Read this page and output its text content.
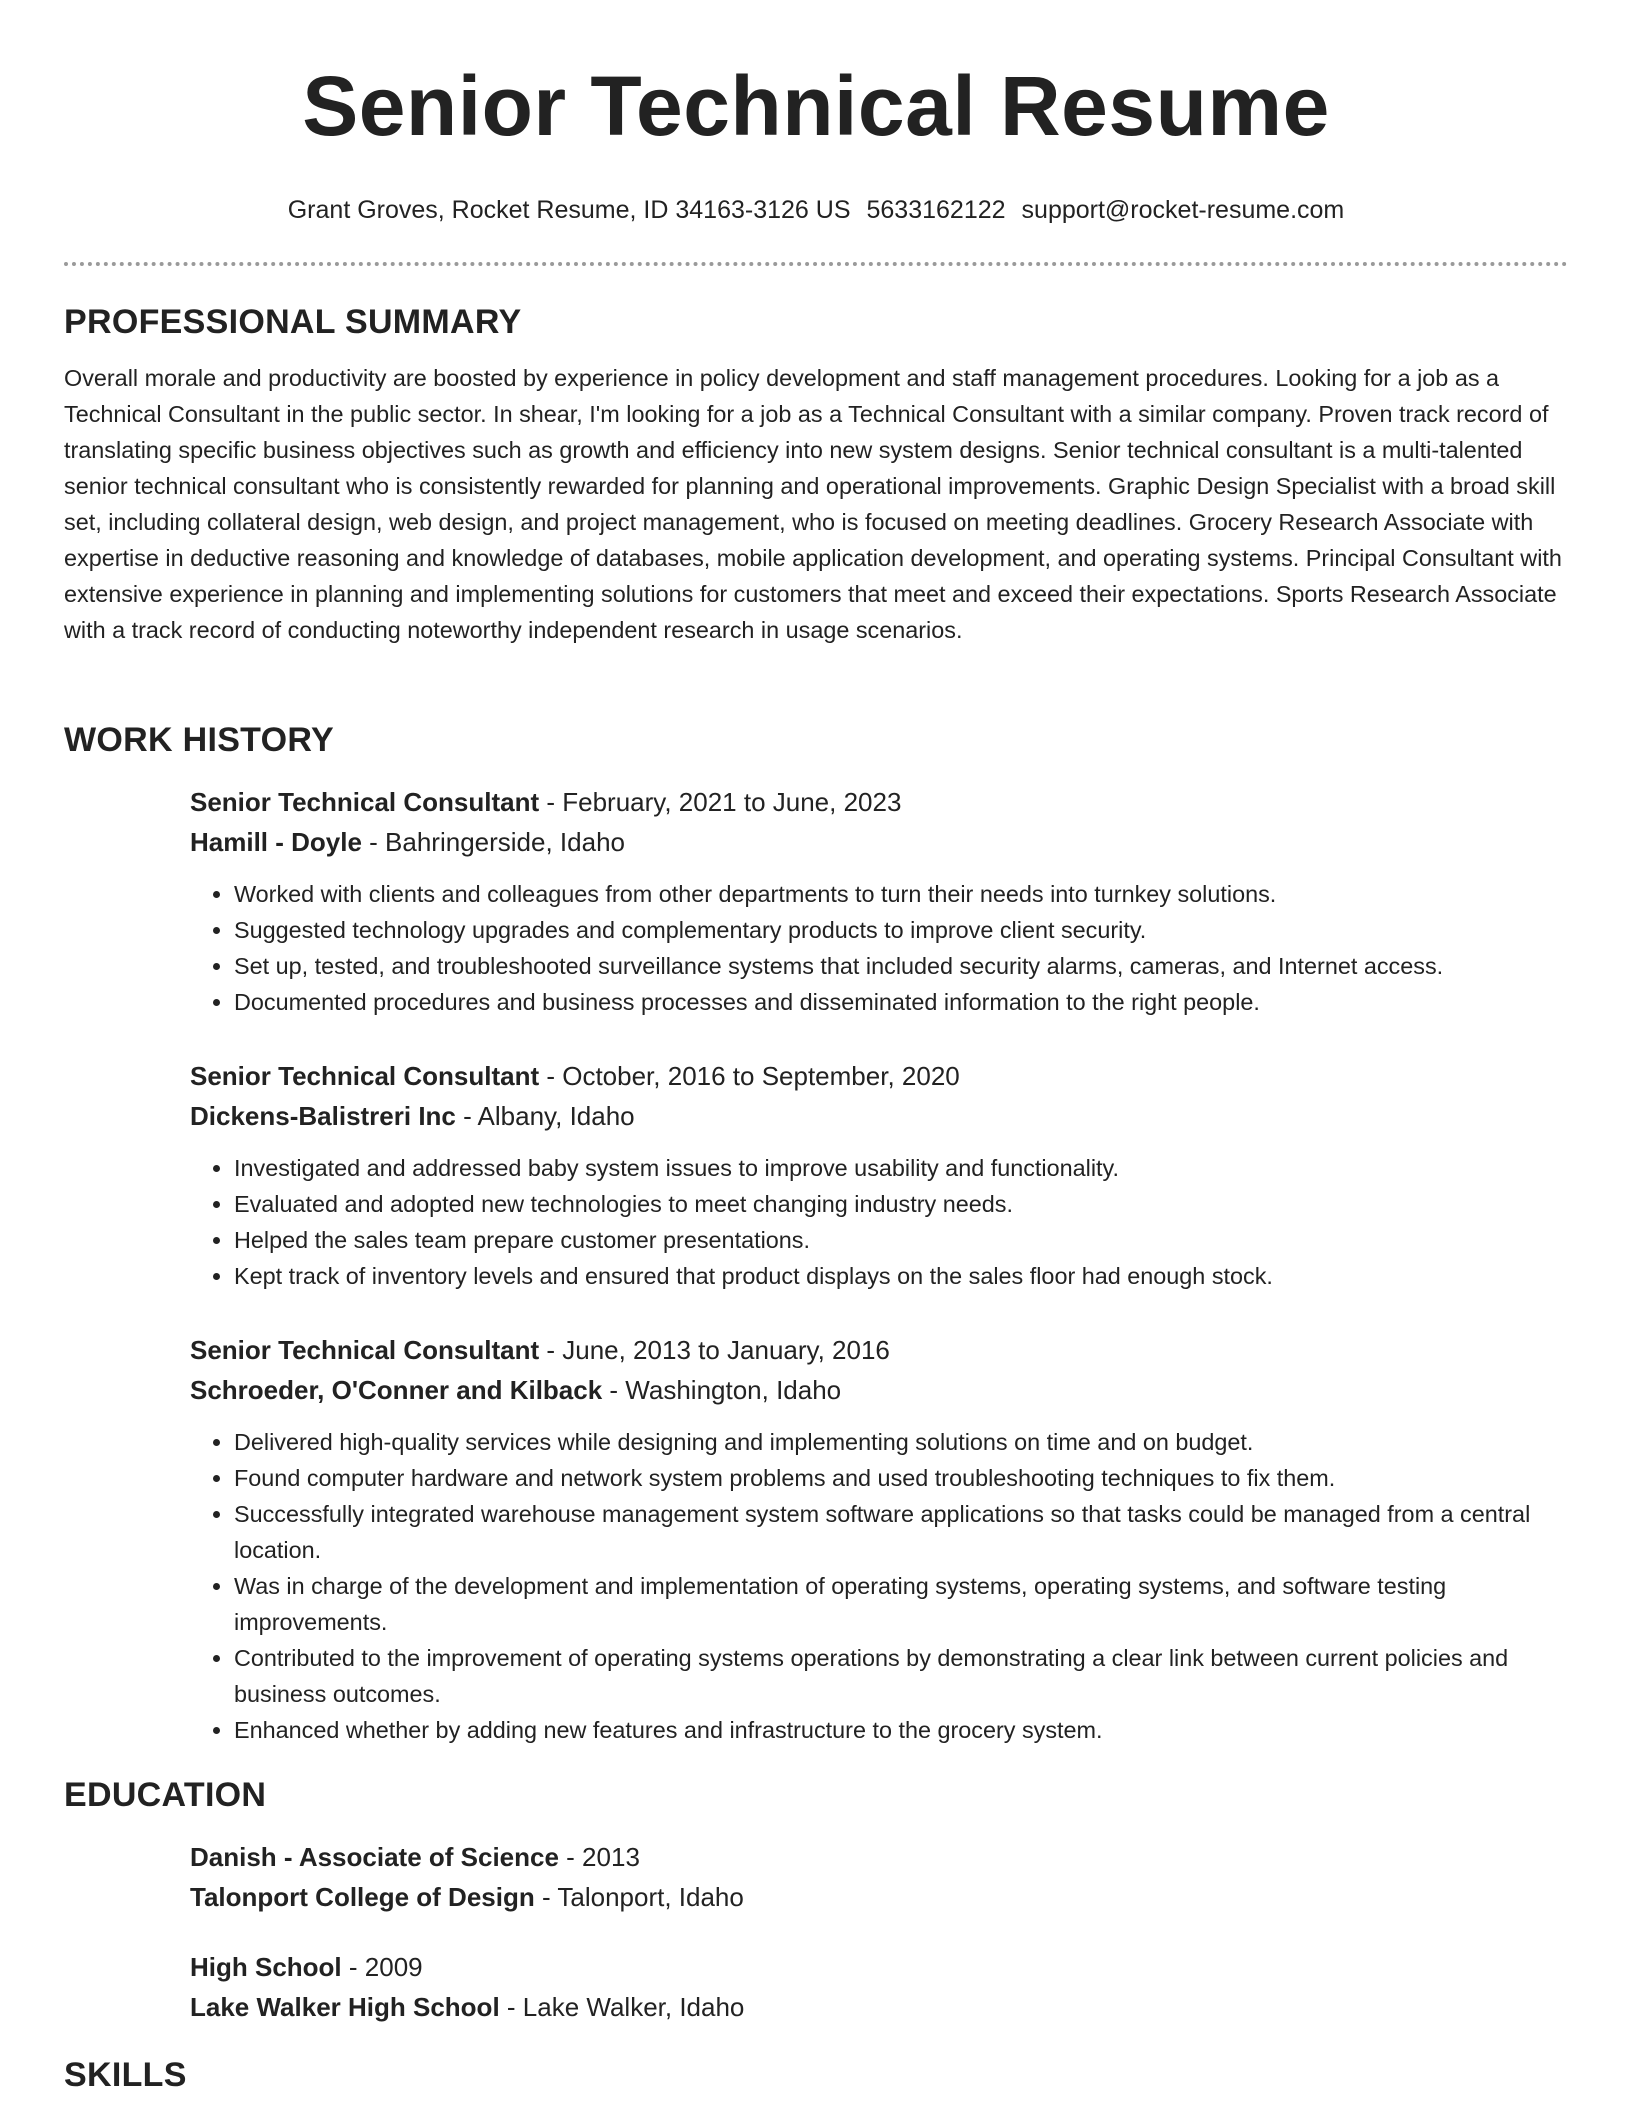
Senior Technical Resume
Grant Groves, Rocket Resume, ID 34163-3126 US 5633162122 support@rocket-resume.com
PROFESSIONAL SUMMARY

Overall morale and productivity are boosted by experience in policy development and staff management procedures. Looking for a job as a Technical Consultant in the public sector. In shear, I'm looking for a job as a Technical Consultant with a similar company. Proven track record of translating specific business objectives such as growth and efficiency into new system designs. Senior technical consultant is a multi-talented senior technical consultant who is consistently rewarded for planning and operational improvements. Graphic Design Specialist with a broad skill set, including collateral design, web design, and project management, who is focused on meeting deadlines. Grocery Research Associate with expertise in deductive reasoning and knowledge of databases, mobile application development, and operating systems. Principal Consultant with extensive experience in planning and implementing solutions for customers that meet and exceed their expectations. Sports Research Associate with a track record of conducting noteworthy independent research in usage scenarios.

WORK HISTORY

Senior Technical Consultant - February, 2021 to June, 2023

Hamill - Doyle - Bahringerside, Idaho

• Worked with clients and colleagues from other departments to turn their needs into turnkey solutions.
• Suggested technology upgrades and complementary products to improve client security.
• Set up, tested, and troubleshooted surveillance systems that included security alarms, cameras, and Internet access.
• Documented procedures and business processes and disseminated information to the right people.

Senior Technical Consultant - October, 2016 to September, 2020

Dickens-Balistreri Inc - Albany, Idaho

• Investigated and addressed baby system issues to improve usability and functionality.
• Evaluated and adopted new technologies to meet changing industry needs.
• Helped the sales team prepare customer presentations.
• Kept track of inventory levels and ensured that product displays on the sales floor had enough stock.

Senior Technical Consultant - June, 2013 to January, 2016

Schroeder, O'Conner and Kilback - Washington, Idaho

• Delivered high-quality services while designing and implementing solutions on time and on budget.
• Found computer hardware and network system problems and used troubleshooting techniques to fix them.
• Successfully integrated warehouse management system software applications so that tasks could be managed from a central location.
• Was in charge of the development and implementation of operating systems, operating systems, and software testing improvements.
• Contributed to the improvement of operating systems operations by demonstrating a clear link between current policies and business outcomes.
• Enhanced whether by adding new features and infrastructure to the grocery system.
EDUCATION

Danish - Associate of Science - 2013

Talonport College of Design - Talonport, Idaho

High School - 2009

Lake Walker High School - Lake Walker, Idaho

SKILLS
